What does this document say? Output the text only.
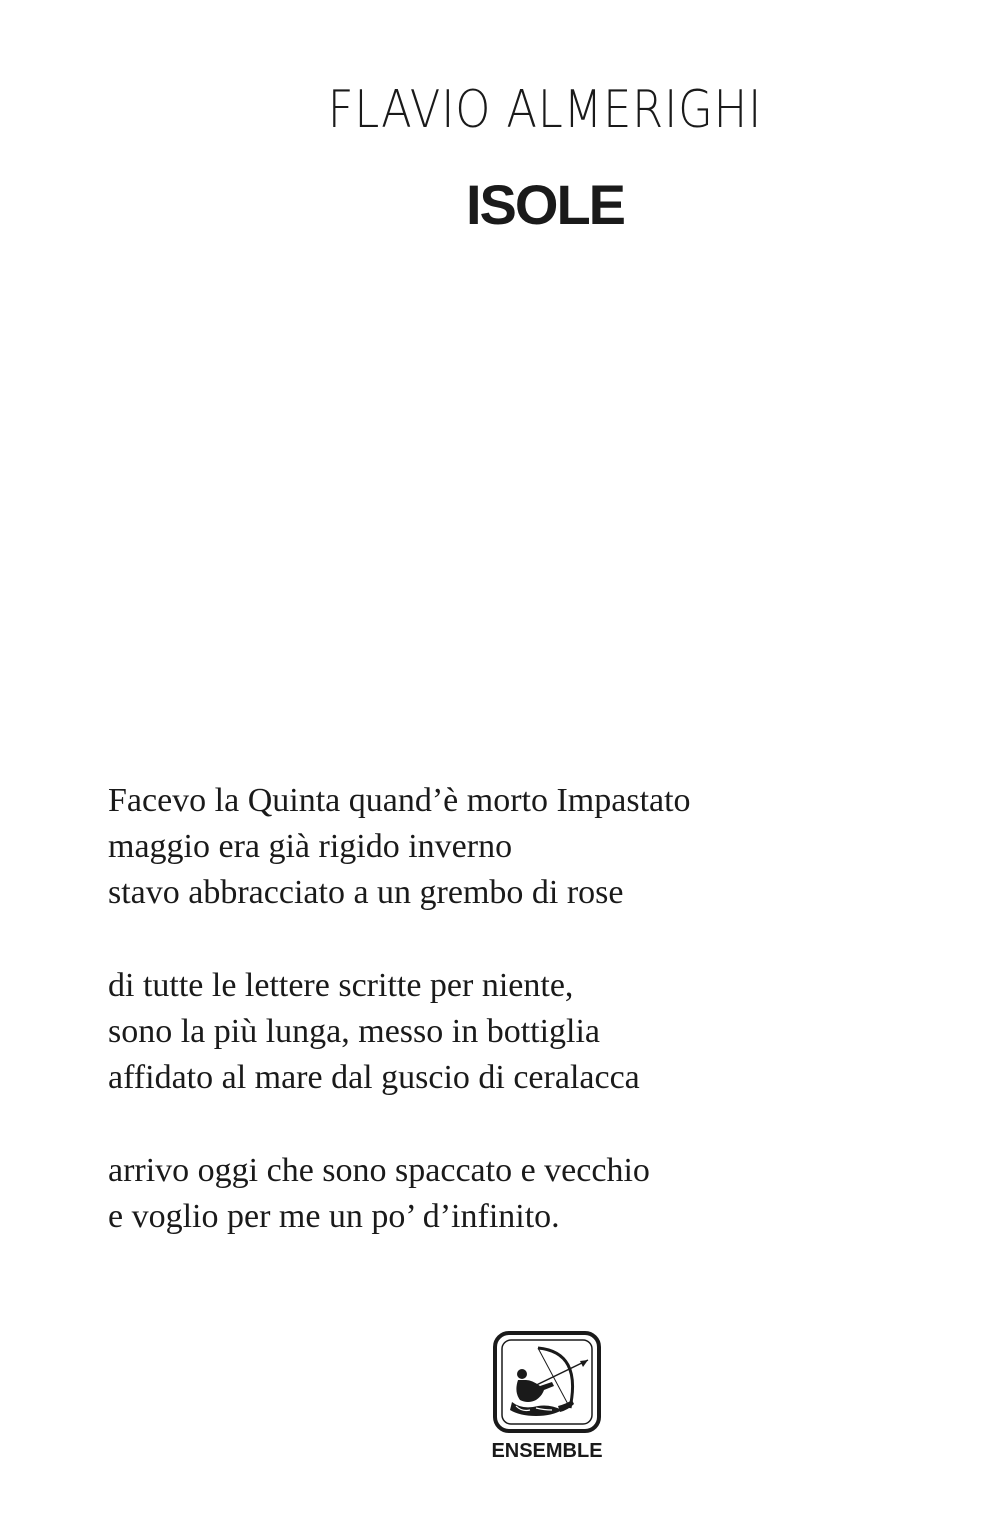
FLAVIO ALMERIGHI
ISOLE
Facevo la Quinta quand’è morto Impastato
maggio era già rigido inverno
stavo abbracciato a un grembo di rose
di tutte le lettere scritte per niente,
sono la più lunga, messo in bottiglia
affidato al mare dal guscio di ceralacca
arrivo oggi che sono spaccato e vecchio
e voglio per me un po’ d’infinito.
ENSEMBLE
